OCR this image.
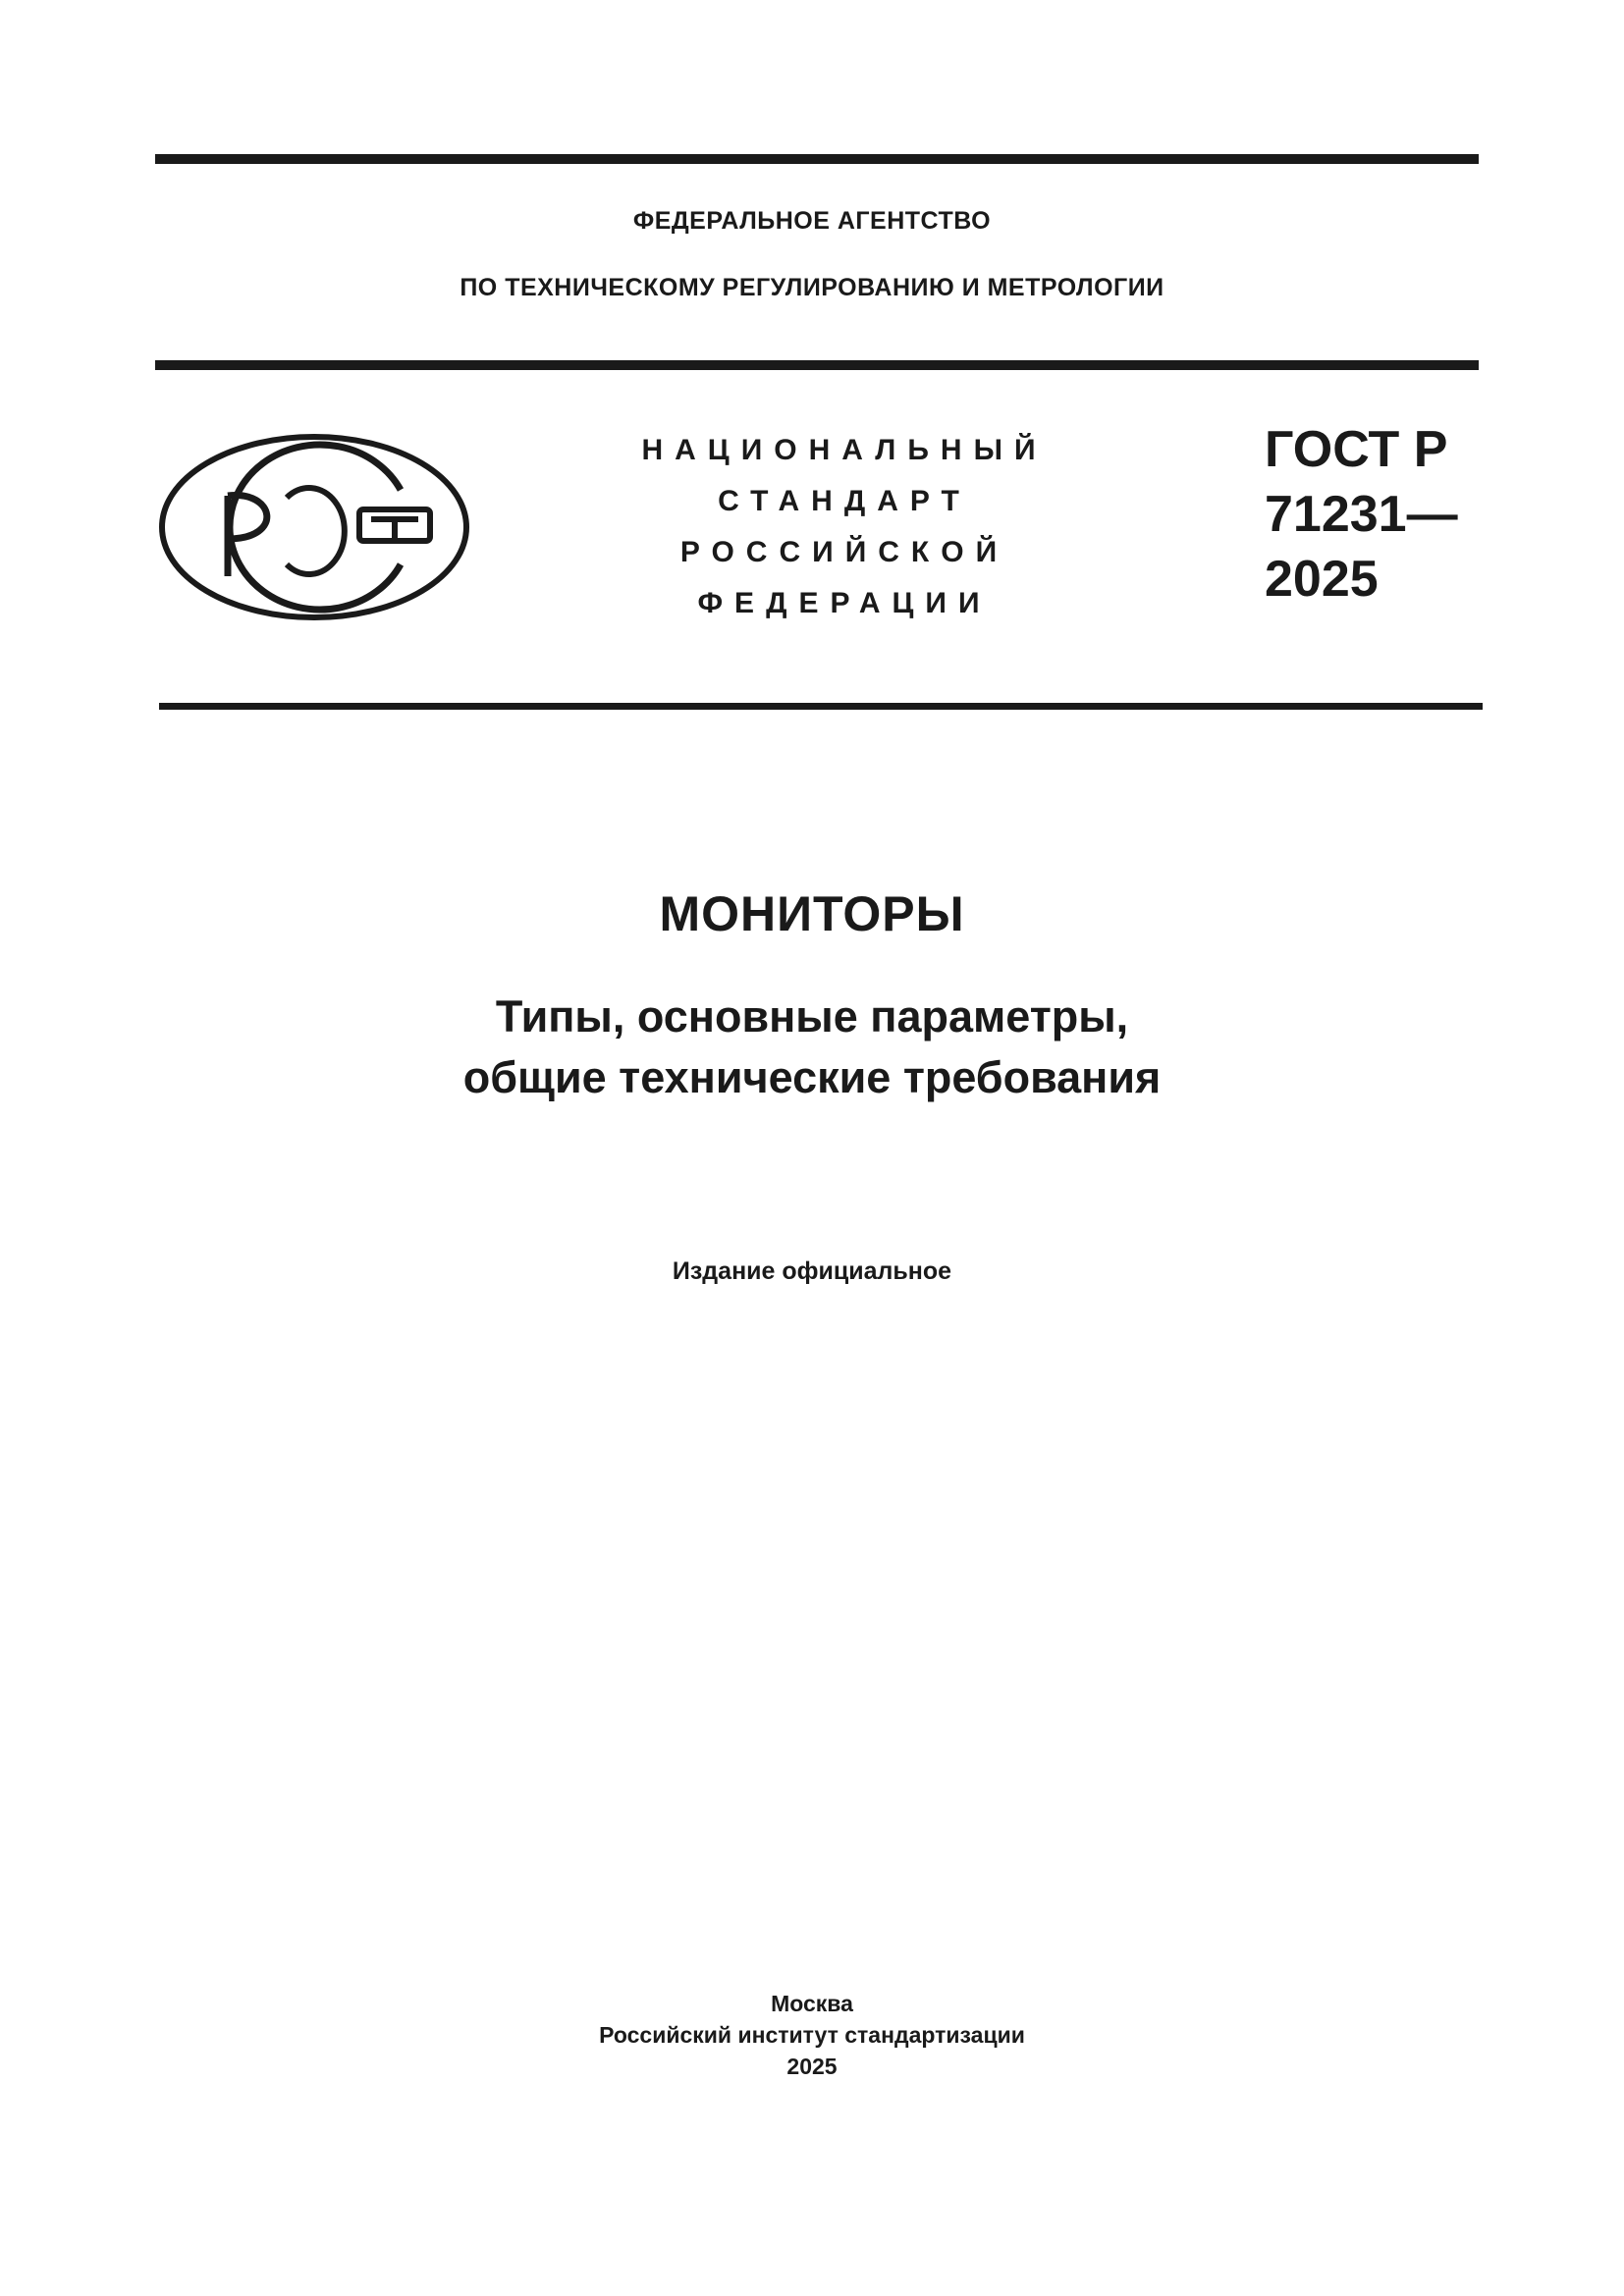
ФЕДЕРАЛЬНОЕ АГЕНТСТВО
ПО ТЕХНИЧЕСКОМУ РЕГУЛИРОВАНИЮ И МЕТРОЛОГИИ
НАЦИОНАЛЬНЫЙ
СТАНДАРТ
РОССИЙСКОЙ
ФЕДЕРАЦИИ
ГОСТ Р
71231—
2025
МОНИТОРЫ
Типы, основные параметры,
общие технические требования
Издание официальное
Москва
Российский институт стандартизации
2025
